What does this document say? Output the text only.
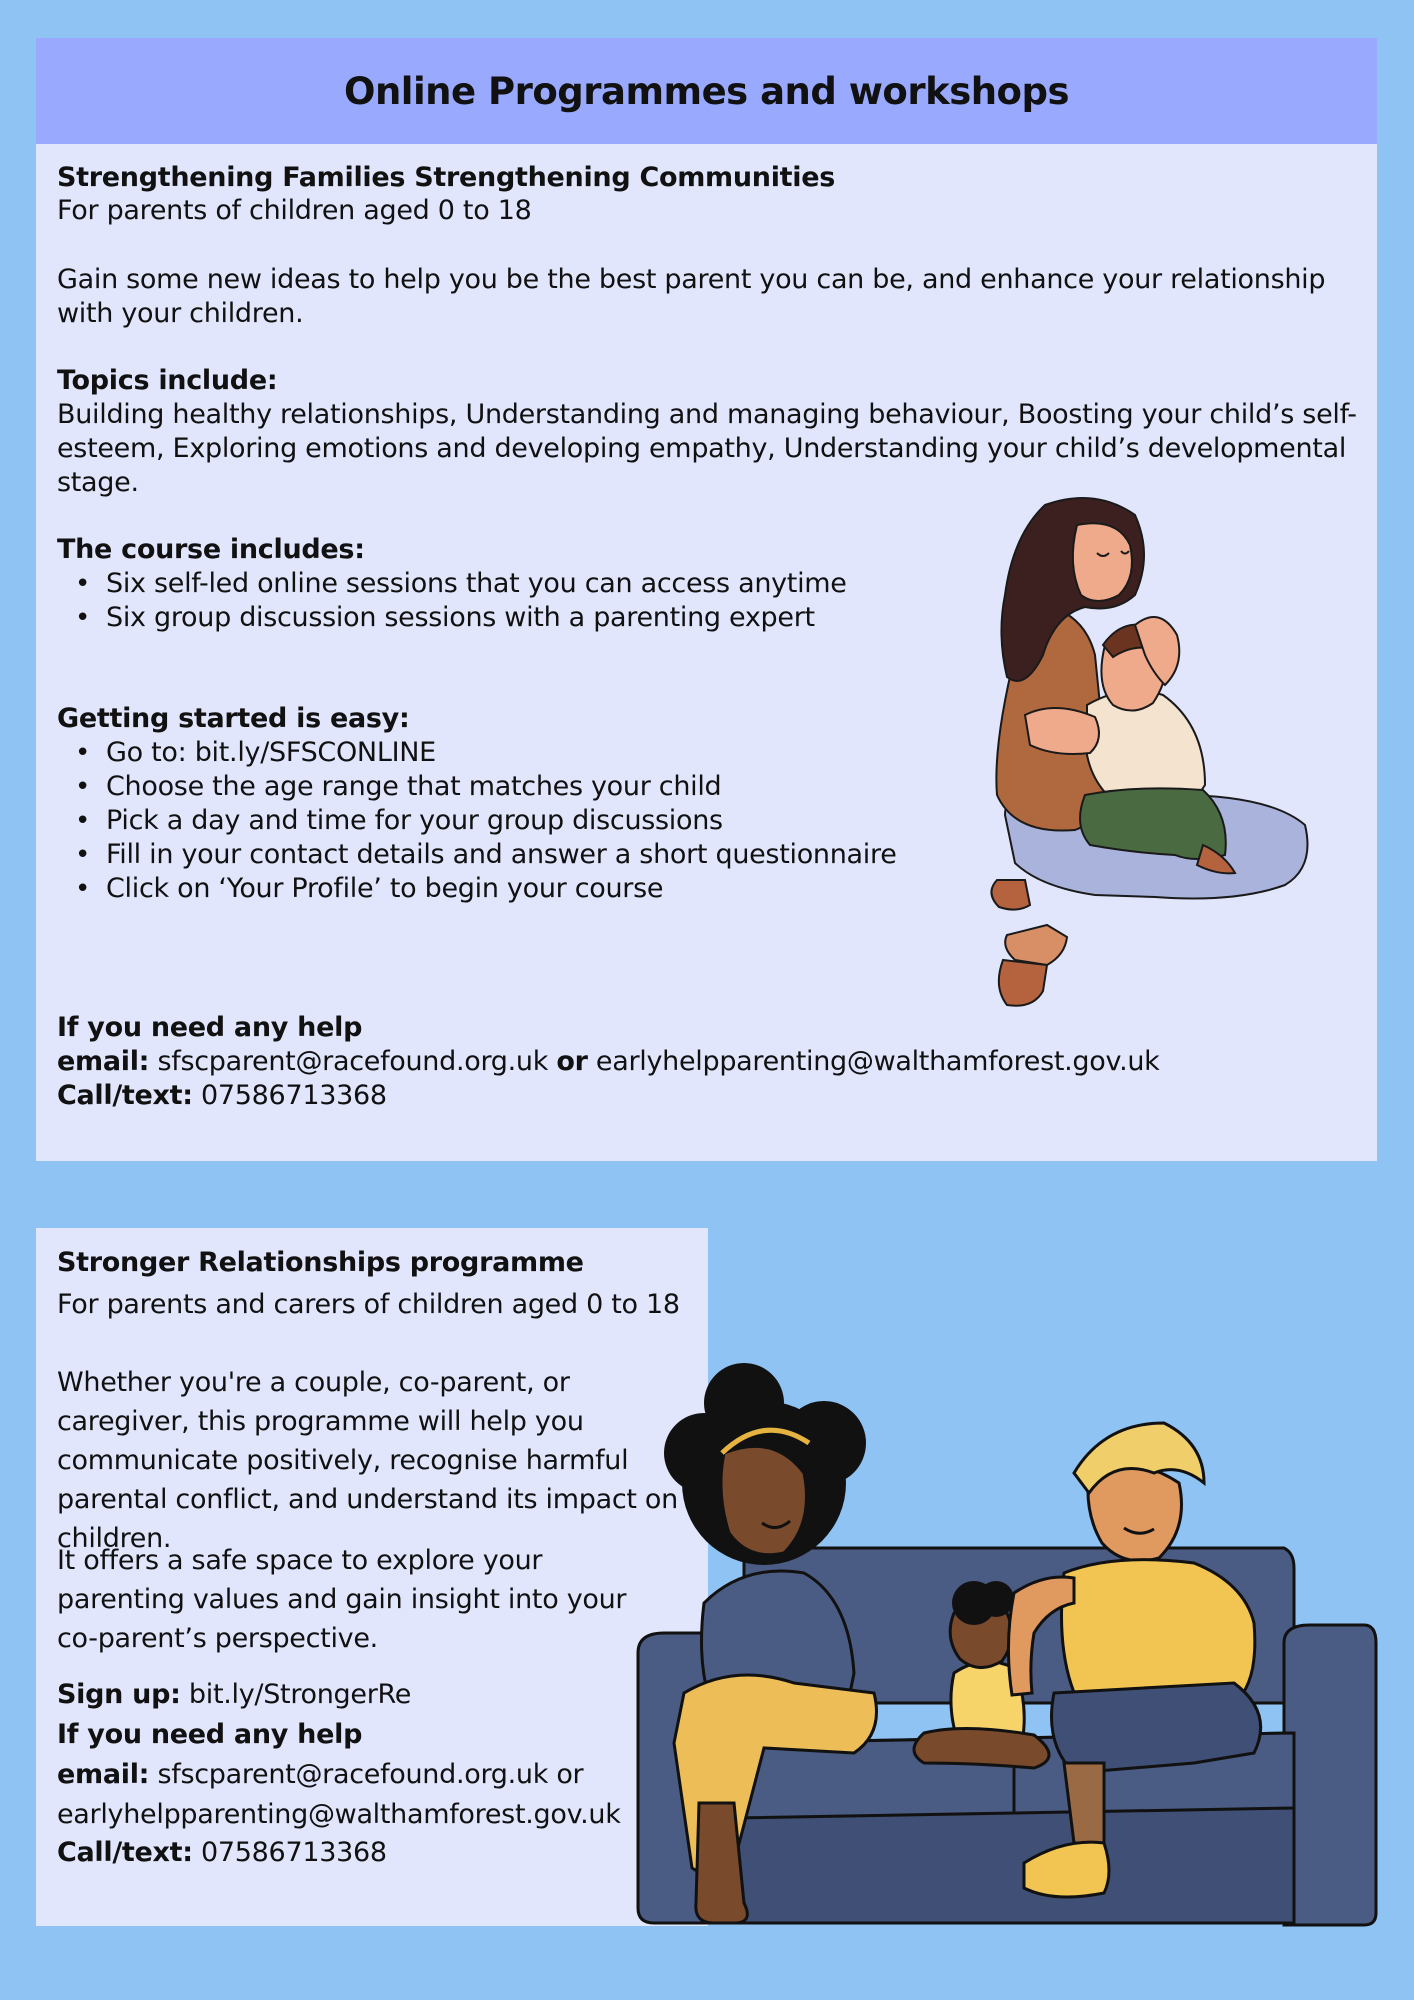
Online Programmes and workshops

Strengthening Families Strengthening Communities

For parents of children aged 0 to 18

Gain some new ideas to help you be the best parent you can be, and enhance your relationship with your children.

Topics include:

Building healthy relationships, Understanding and managing behaviour, Boosting your child’s self-esteem, Exploring emotions and developing empathy, Understanding your child’s developmental stage.

The course includes:

• Six self-led online sessions that you can access anytime
• Six group discussion sessions with a parenting expert

Getting started is easy:

• Go to: bit.ly/SFSCONLINE
• Choose the age range that matches your child
• Pick a day and time for your group discussions
• Fill in your contact details and answer a short questionnaire
• Click on ‘Your Profile’ to begin your course

If you need any help

email: sfscparent@racefound.org.uk or earlyhelpparenting@walthamforest.gov.uk

Call/text: 07586713368

Stronger Relationships programme

For parents and carers of children aged 0 to 18

Whether you're a couple, co-parent, or caregiver, this programme will help you communicate positively, recognise harmful parental conflict, and understand its impact on children.

It offers a safe space to explore your parenting values and gain insight into your co-parent’s perspective.

Sign up: bit.ly/StrongerRe

If you need any help

email: sfscparent@racefound.org.uk or

earlyhelpparenting@walthamforest.gov.uk

Call/text: 07586713368
